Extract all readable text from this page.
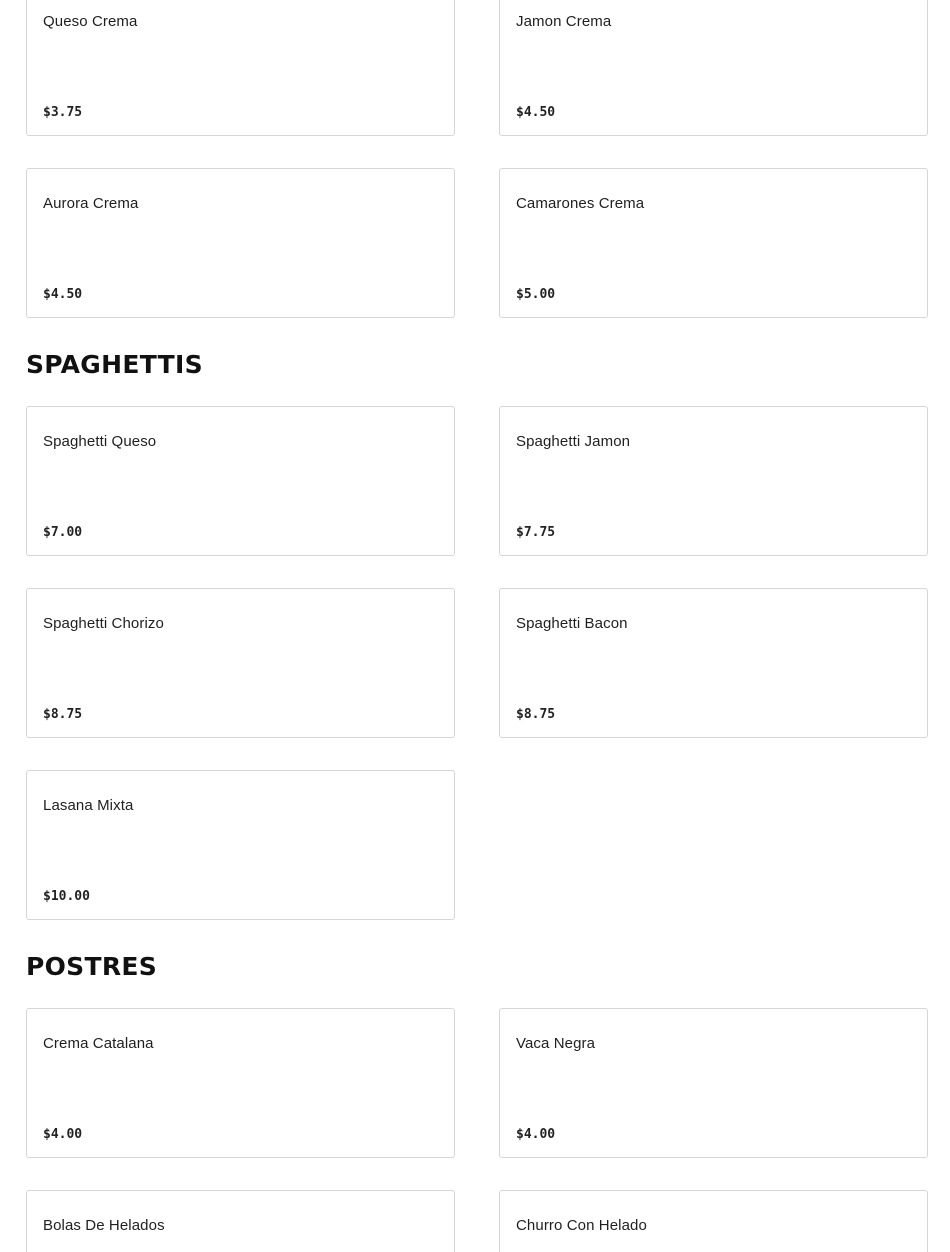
Queso Crema
$3.75
Jamon Crema
$4.50
Aurora Crema
$4.50
Camarones Crema
$5.00
SPAGHETTIS
Spaghetti Queso
$7.00
Spaghetti Jamon
$7.75
Spaghetti Chorizo
$8.75
Spaghetti Bacon
$8.75
Lasana Mixta
$10.00
POSTRES
Crema Catalana
$4.00
Vaca Negra
$4.00
Bolas De Helados	Churro Con Helado
